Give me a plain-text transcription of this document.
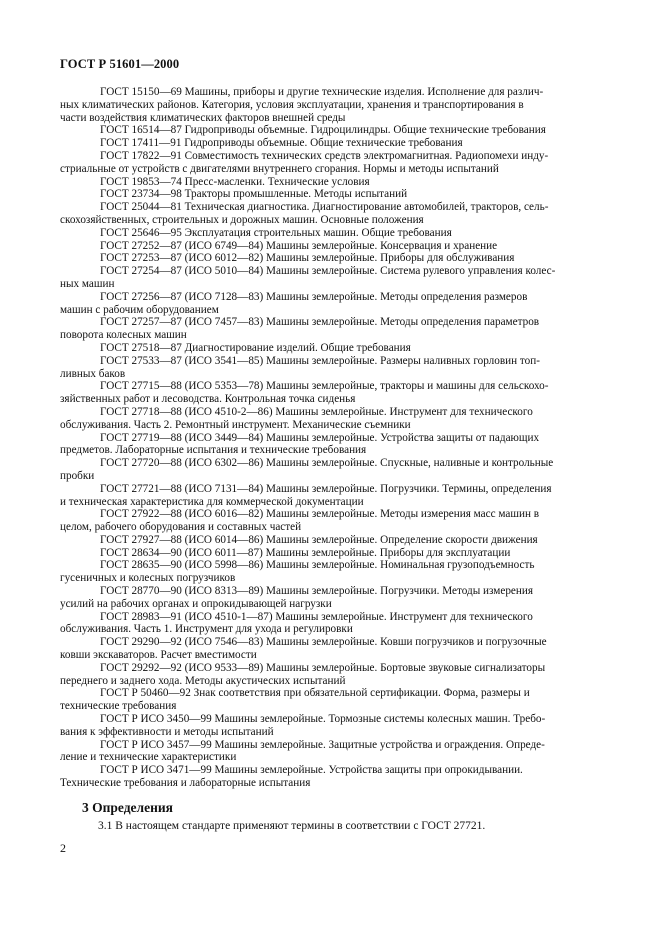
ГОСТ Р 51601—2000
ГОСТ 15150—69 Машины, приборы и другие технические изделия. Исполнение для различ-
ных климатических районов. Категория, условия эксплуатации, хранения и транспортирования в
части воздействия климатических факторов внешней среды
ГОСТ 16514—87 Гидроприводы объемные. Гидроцилиндры. Общие технические требования
ГОСТ 17411—91 Гидроприводы объемные. Общие технические требования
ГОСТ 17822—91 Совместимость технических средств электромагнитная. Радиопомехи инду-
стриальные от устройств с двигателями внутреннего сгорания. Нормы и методы испытаний
ГОСТ 19853—74 Пресс-масленки. Технические условия
ГОСТ 23734—98 Тракторы промышленные. Методы испытаний
ГОСТ 25044—81 Техническая диагностика. Диагностирование автомобилей, тракторов, сель-
скохозяйственных, строительных и дорожных машин. Основные положения
ГОСТ 25646—95 Эксплуатация строительных машин. Общие требования
ГОСТ 27252—87 (ИСО 6749—84) Машины землеройные. Консервация и хранение
ГОСТ 27253—87 (ИСО 6012—82) Машины землеройные. Приборы для обслуживания
ГОСТ 27254—87 (ИСО 5010—84) Машины землеройные. Система рулевого управления колес-
ных машин
ГОСТ 27256—87 (ИСО 7128—83) Машины землеройные. Методы определения размеров
машин с рабочим оборудованием
ГОСТ 27257—87 (ИСО 7457—83) Машины землеройные. Методы определения параметров
поворота колесных машин
ГОСТ 27518—87 Диагностирование изделий. Общие требования
ГОСТ 27533—87 (ИСО 3541—85) Машины землеройные. Размеры наливных горловин топ-
ливных баков
ГОСТ 27715—88 (ИСО 5353—78) Машины землеройные, тракторы и машины для сельскохо-
зяйственных работ и лесоводства. Контрольная точка сиденья
ГОСТ 27718—88 (ИСО 4510-2—86) Машины землеройные. Инструмент для технического
обслуживания. Часть 2. Ремонтный инструмент. Механические съемники
ГОСТ 27719—88 (ИСО 3449—84) Машины землеройные. Устройства защиты от падающих
предметов. Лабораторные испытания и технические требования
ГОСТ 27720—88 (ИСО 6302—86) Машины землеройные. Спускные, наливные и контрольные
пробки
ГОСТ 27721—88 (ИСО 7131—84) Машины землеройные. Погрузчики. Термины, определения
и техническая характеристика для коммерческой документации
ГОСТ 27922—88 (ИСО 6016—82) Машины землеройные. Методы измерения масс машин в
целом, рабочего оборудования и составных частей
ГОСТ 27927—88 (ИСО 6014—86) Машины землеройные. Определение скорости движения
ГОСТ 28634—90 (ИСО 6011—87) Машины землеройные. Приборы для эксплуатации
ГОСТ 28635—90 (ИСО 5998—86) Машины землеройные. Номинальная грузоподъемность
гусеничных и колесных погрузчиков
ГОСТ 28770—90 (ИСО 8313—89) Машины землеройные. Погрузчики. Методы измерения
усилий на рабочих органах и опрокидывающей нагрузки
ГОСТ 28983—91 (ИСО 4510-1—87) Машины землеройные. Инструмент для технического
обслуживания. Часть 1. Инструмент для ухода и регулировки
ГОСТ 29290—92 (ИСО 7546—83) Машины землеройные. Ковши погрузчиков и погрузочные
ковши экскаваторов. Расчет вместимости
ГОСТ 29292—92 (ИСО 9533—89) Машины землеройные. Бортовые звуковые сигнализаторы
переднего и заднего хода. Методы акустических испытаний
ГОСТ Р 50460—92 Знак соответствия при обязательной сертификации. Форма, размеры и
технические требования
ГОСТ Р ИСО 3450—99 Машины землеройные. Тормозные системы колесных машин. Требо-
вания к эффективности и методы испытаний
ГОСТ Р ИСО 3457—99 Машины землеройные. Защитные устройства и ограждения. Опреде-
ление и технические характеристики
ГОСТ Р ИСО 3471—99 Машины землеройные. Устройства защиты при опрокидывании.
Технические требования и лабораторные испытания
3 Определения
3.1 В настоящем стандарте применяют термины в соответствии с ГОСТ 27721.
2
